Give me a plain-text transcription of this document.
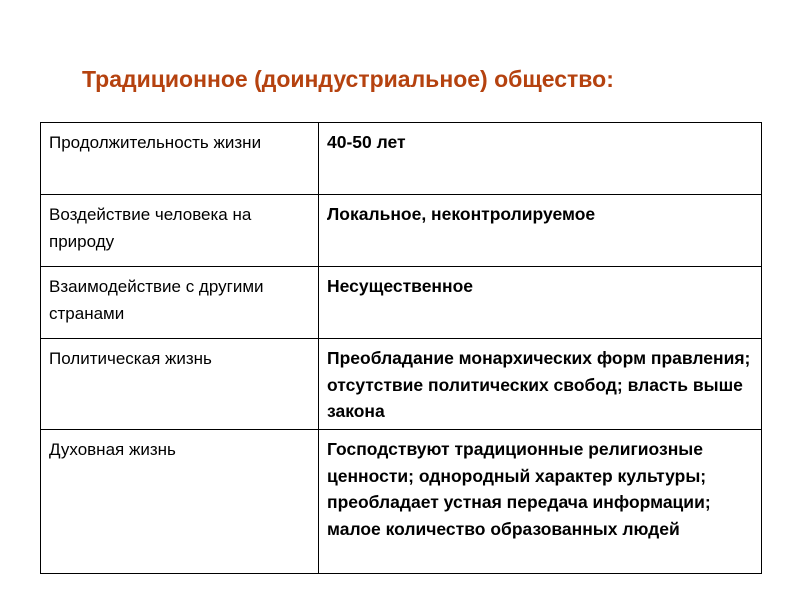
Традиционное (доиндустриальное) общество:
Продолжительность жизни	40-50 лет
Воздействие человека на природу	Локальное, неконтролируемое
Взаимодействие с другими странами	Несущественное
Политическая жизнь	Преобладание монархических форм правления; отсутствие политических свобод; власть выше закона
Духовная жизнь	Господствуют традиционные религиозные ценности; однородный характер культуры; преобладает устная передача информации; малое количество образованных людей
